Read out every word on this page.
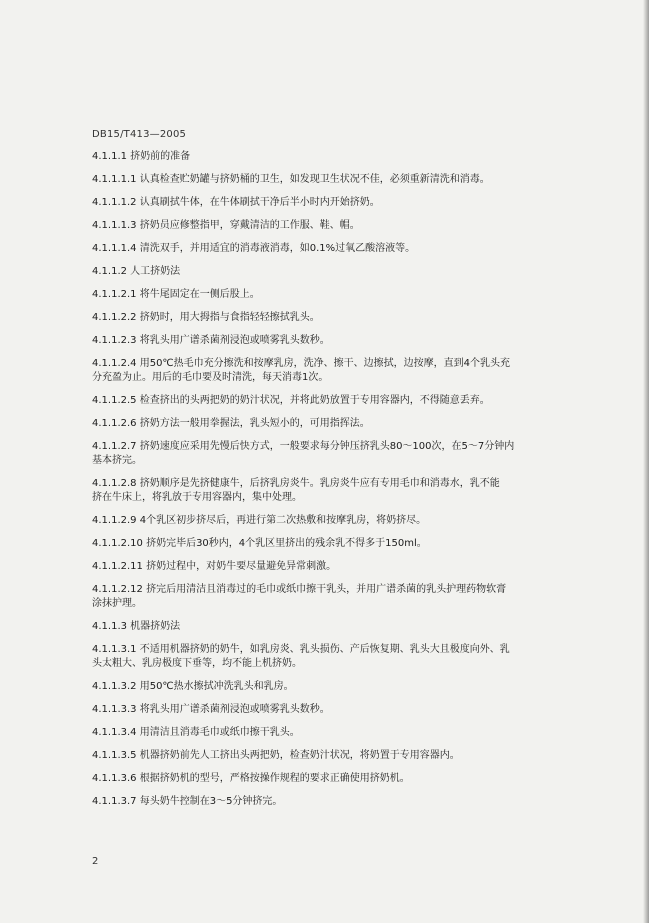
DB15/T413—2005
4.1.1.1 挤奶前的准备
4.1.1.1.1 认真检查贮奶罐与挤奶桶的卫生，如发现卫生状况不佳，必须重新清洗和消毒。
4.1.1.1.2 认真刷拭牛体，在牛体刷拭干净后半小时内开始挤奶。
4.1.1.1.3 挤奶员应修整指甲，穿戴清洁的工作服、鞋、帽。
4.1.1.1.4 清洗双手，并用适宜的消毒液消毒，如0.1%过氧乙酸溶液等。
4.1.1.2 人工挤奶法
4.1.1.2.1 将牛尾固定在一侧后股上。
4.1.1.2.2 挤奶时，用大拇指与食指轻轻擦拭乳头。
4.1.1.2.3 将乳头用广谱杀菌剂浸泡或喷雾乳头数秒。
4.1.1.2.4 用50℃热毛巾充分擦洗和按摩乳房，洗净、擦干、边擦拭，边按摩，直到4个乳头充
分充盈为止。用后的毛巾要及时清洗，每天消毒1次。
4.1.1.2.5 检查挤出的头两把奶的奶汁状况，并将此奶放置于专用容器内，不得随意丢弃。
4.1.1.2.6 挤奶方法一般用拳握法，乳头短小的，可用指挥法。
4.1.1.2.7 挤奶速度应采用先慢后快方式，一般要求每分钟压挤乳头80～100次，在5～7分钟内
基本挤完。
4.1.1.2.8 挤奶顺序是先挤健康牛，后挤乳房炎牛。乳房炎牛应有专用毛巾和消毒水，乳不能
挤在牛床上，将乳放于专用容器内，集中处理。
4.1.1.2.9 4个乳区初步挤尽后，再进行第二次热敷和按摩乳房，将奶挤尽。
4.1.1.2.10 挤奶完毕后30秒内，4个乳区里挤出的残余乳不得多于150ml。
4.1.1.2.11 挤奶过程中，对奶牛要尽量避免异常刺激。
4.1.1.2.12 挤完后用清洁且消毒过的毛巾或纸巾擦干乳头，并用广谱杀菌的乳头护理药物软膏
涂抹护理。
4.1.1.3 机器挤奶法
4.1.1.3.1 不适用机器挤奶的奶牛，如乳房炎、乳头损伤、产后恢复期、乳头大且极度向外、乳
头太粗大、乳房极度下垂等，均不能上机挤奶。
4.1.1.3.2 用50℃热水擦拭冲洗乳头和乳房。
4.1.1.3.3 将乳头用广谱杀菌剂浸泡或喷雾乳头数秒。
4.1.1.3.4 用清洁且消毒毛巾或纸巾擦干乳头。
4.1.1.3.5 机器挤奶前先人工挤出头两把奶，检查奶汁状况，将奶置于专用容器内。
4.1.1.3.6 根据挤奶机的型号，严格按操作规程的要求正确使用挤奶机。
4.1.1.3.7 每头奶牛控制在3～5分钟挤完。
2
